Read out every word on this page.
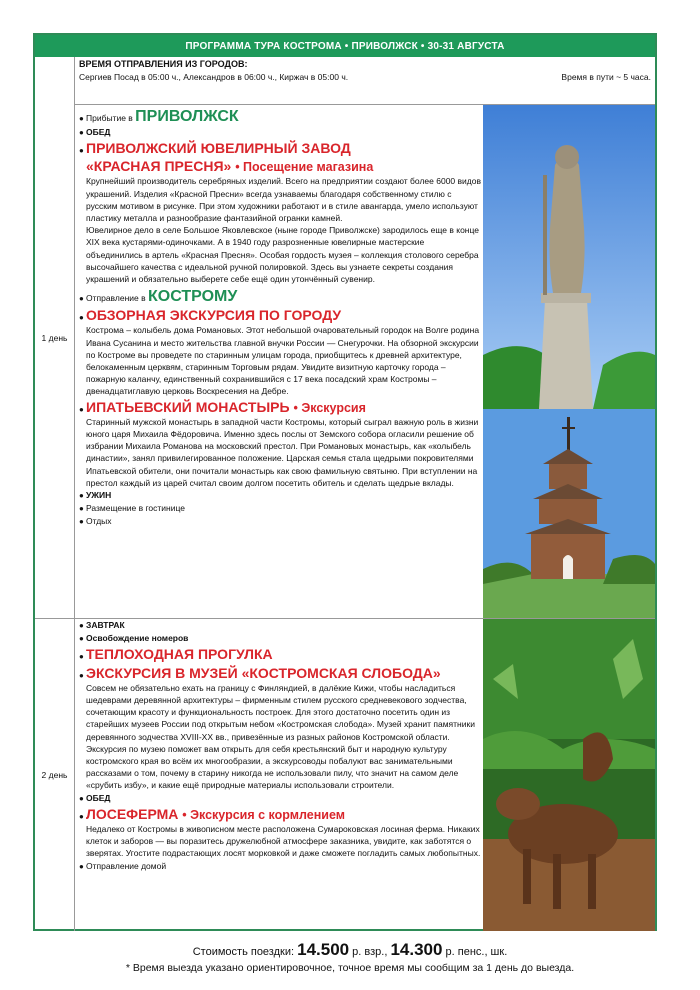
ПРОГРАММА ТУРА КОСТРОМА • ПРИВОЛЖСК • 30-31 АВГУСТА
ВРЕМЯ ОТПРАВЛЕНИЯ ИЗ ГОРОДОВ:
Сергиев Посад в 05:00 ч., Александров в 06:00 ч., Киржач в 05:00 ч.	Время в пути ~ 5 часа.
1 день
2 день
● Прибытие в ПРИВОЛЖСК
● ОБЕД
● ПРИВОЛЖСКИЙ ЮВЕЛИРНЫЙ ЗАВОД
«КРАСНАЯ ПРЕСНЯ» • Посещение магазина
Крупнейший производитель серебряных изделий. Всего на предприятии создают более 6000 видов украшений. Изделия «Красной Пресни» всегда узнаваемы благодаря собственному стилю с русским мотивом в рисунке. При этом художники работают и в стиле авангарда, умело используют пластику металла и разнообразие фантазийной огранки камней.
Ювелирное дело в селе Большое Яковлевское (ныне городе Приволжске) зародилось еще в конце XIX века кустарями-одиночками. А в 1940 году разрозненные ювелирные мастерские объединились в артель «Красная Пресня». Особая гордость музея – коллекция столового серебра высочайшего качества с идеальной ручной полировкой. Здесь вы узнаете секреты создания украшений и обязательно выберете себе ещё один утончённый сувенир.
● Отправление в КОСТРОМУ
● ОБЗОРНАЯ ЭКСКУРСИЯ ПО ГОРОДУ
Кострома – колыбель дома Романовых. Этот небольшой очаровательный городок на Волге родина Ивана Сусанина и место жительства главной внучки России — Снегурочки. На обзорной экскурсии по Костроме вы проведете по старинным улицам города, приобщитесь к древней архитектуре, белокаменным церквям, старинным Торговым рядам. Увидите визитную карточку города – пожарную каланчу, единственный сохранившийся с 17 века посадский храм Костромы – двенадцатиглавую церковь Воскресения на Дебре.
● ИПАТЬЕВСКИЙ МОНАСТЫРЬ • Экскурсия
Старинный мужской монастырь в западной части Костромы, который сыграл важную роль в жизни юного царя Михаила Фёдоровича. Именно здесь послы от Земского собора огласили решение об избрании Михаила Романова на московский престол. При Романовых монастырь, как «колыбель династии», занял привилегированное положение. Царская семья стала щедрыми покровителями Ипатьевской обители, они почитали монастырь как свою фамильную святыню. При вступлении на престол каждый из царей считал своим долгом посетить обитель и сделать щедрые вклады.
● УЖИН
● Размещение в гостинице
● Отдых
● ЗАВТРАК
● Освобождение номеров
● ТЕПЛОХОДНАЯ ПРОГУЛКА
● ЭКСКУРСИЯ В МУЗЕЙ «КОСТРОМСКАЯ СЛОБОДА»
Совсем не обязательно ехать на границу с Финляндией, в далёкие Кижи, чтобы насладиться шедеврами деревянной архитектуры – фирменным стилем русского средневекового зодчества, сочетающим красоту и функциональность построек. Для этого достаточно посетить один из старейших музеев России под открытым небом «Костромская слобода». Музей хранит памятники деревянного зодчества XVIII-XX вв., привезённые из разных районов Костромской области.
Экскурсия по музею поможет вам открыть для себя крестьянский быт и народную культуру костромского края во всём их многообразии, а экскурсоводы побалуют вас занимательными рассказами о том, почему в старину никогда не использовали пилу, что значит на самом деле «срубить избу», и какие ещё природные материалы использовали строители.
● ОБЕД
● ЛОСЕФЕРМА • Экскурсия с кормлением
Недалеко от Костромы в живописном месте расположена Сумароковская лосиная ферма. Никаких клеток и заборов — вы поразитесь дружелюбной атмосфере заказника, увидите, как заботятся о зверятах. Угостите подрастающих лосят морковкой и даже сможете погладить самых любопытных.
● Отправление домой
Стоимость поездки: 14.500 р. взр., 14.300 р. пенс., шк.
* Время выезда указано ориентировочное, точное время мы сообщим за 1 день до выезда.
